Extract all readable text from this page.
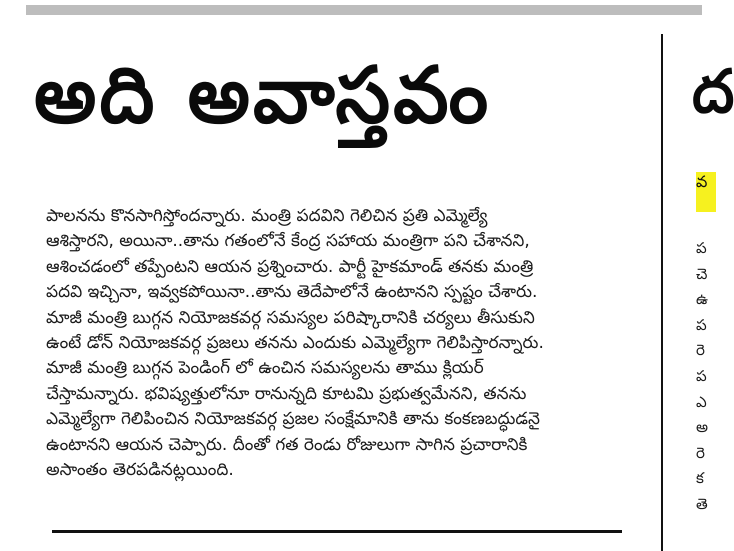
అది అవాస్తవం
పాలనను కొనసాగిస్తోందన్నారు. మంత్రి పదవిని గెలిచిన ప్రతి ఎమ్మెల్యే
ఆశిస్తారని, అయినా..తాను గతంలోనే కేంద్ర సహాయ మంత్రిగా పని చేశానని,
ఆశించడంలో తప్పేంటని ఆయన ప్రశ్నించారు. పార్టీ హైకమాండ్ తనకు మంత్రి
పదవి ఇచ్చినా, ఇవ్వకపోయినా..తాను తెదేపాలోనే ఉంటానని స్పష్టం చేశారు.
మాజీ మంత్రి బుగ్గన నియోజకవర్గ సమస్యల పరిష్కారానికి చర్యలు తీసుకుని
ఉంటే డోన్ నియోజకవర్గ ప్రజలు తనను ఎందుకు ఎమ్మెల్యేగా గెలిపిస్తారన్నారు.
మాజీ మంత్రి బుగ్గన పెండింగ్ లో ఉంచిన సమస్యలను తాము క్లియర్
చేస్తామన్నారు. భవిష్యత్తులోనూ రానున్నది కూటమి ప్రభుత్వమేనని, తనను
ఎమ్మెల్యేగా గెలిపించిన నియోజకవర్గ ప్రజల సంక్షేమానికి తాను కంకణబద్ధుడనై
ఉంటానని ఆయన చెప్పారు. దీంతో గత రెండు రోజులుగా సాగిన ప్రచారానికి
అసాంతం తెరపడినట్లయింది.
ద
వ
ప
చె
ఉ
ప
రె
ప
ఎ
అ
రె
క
తె
